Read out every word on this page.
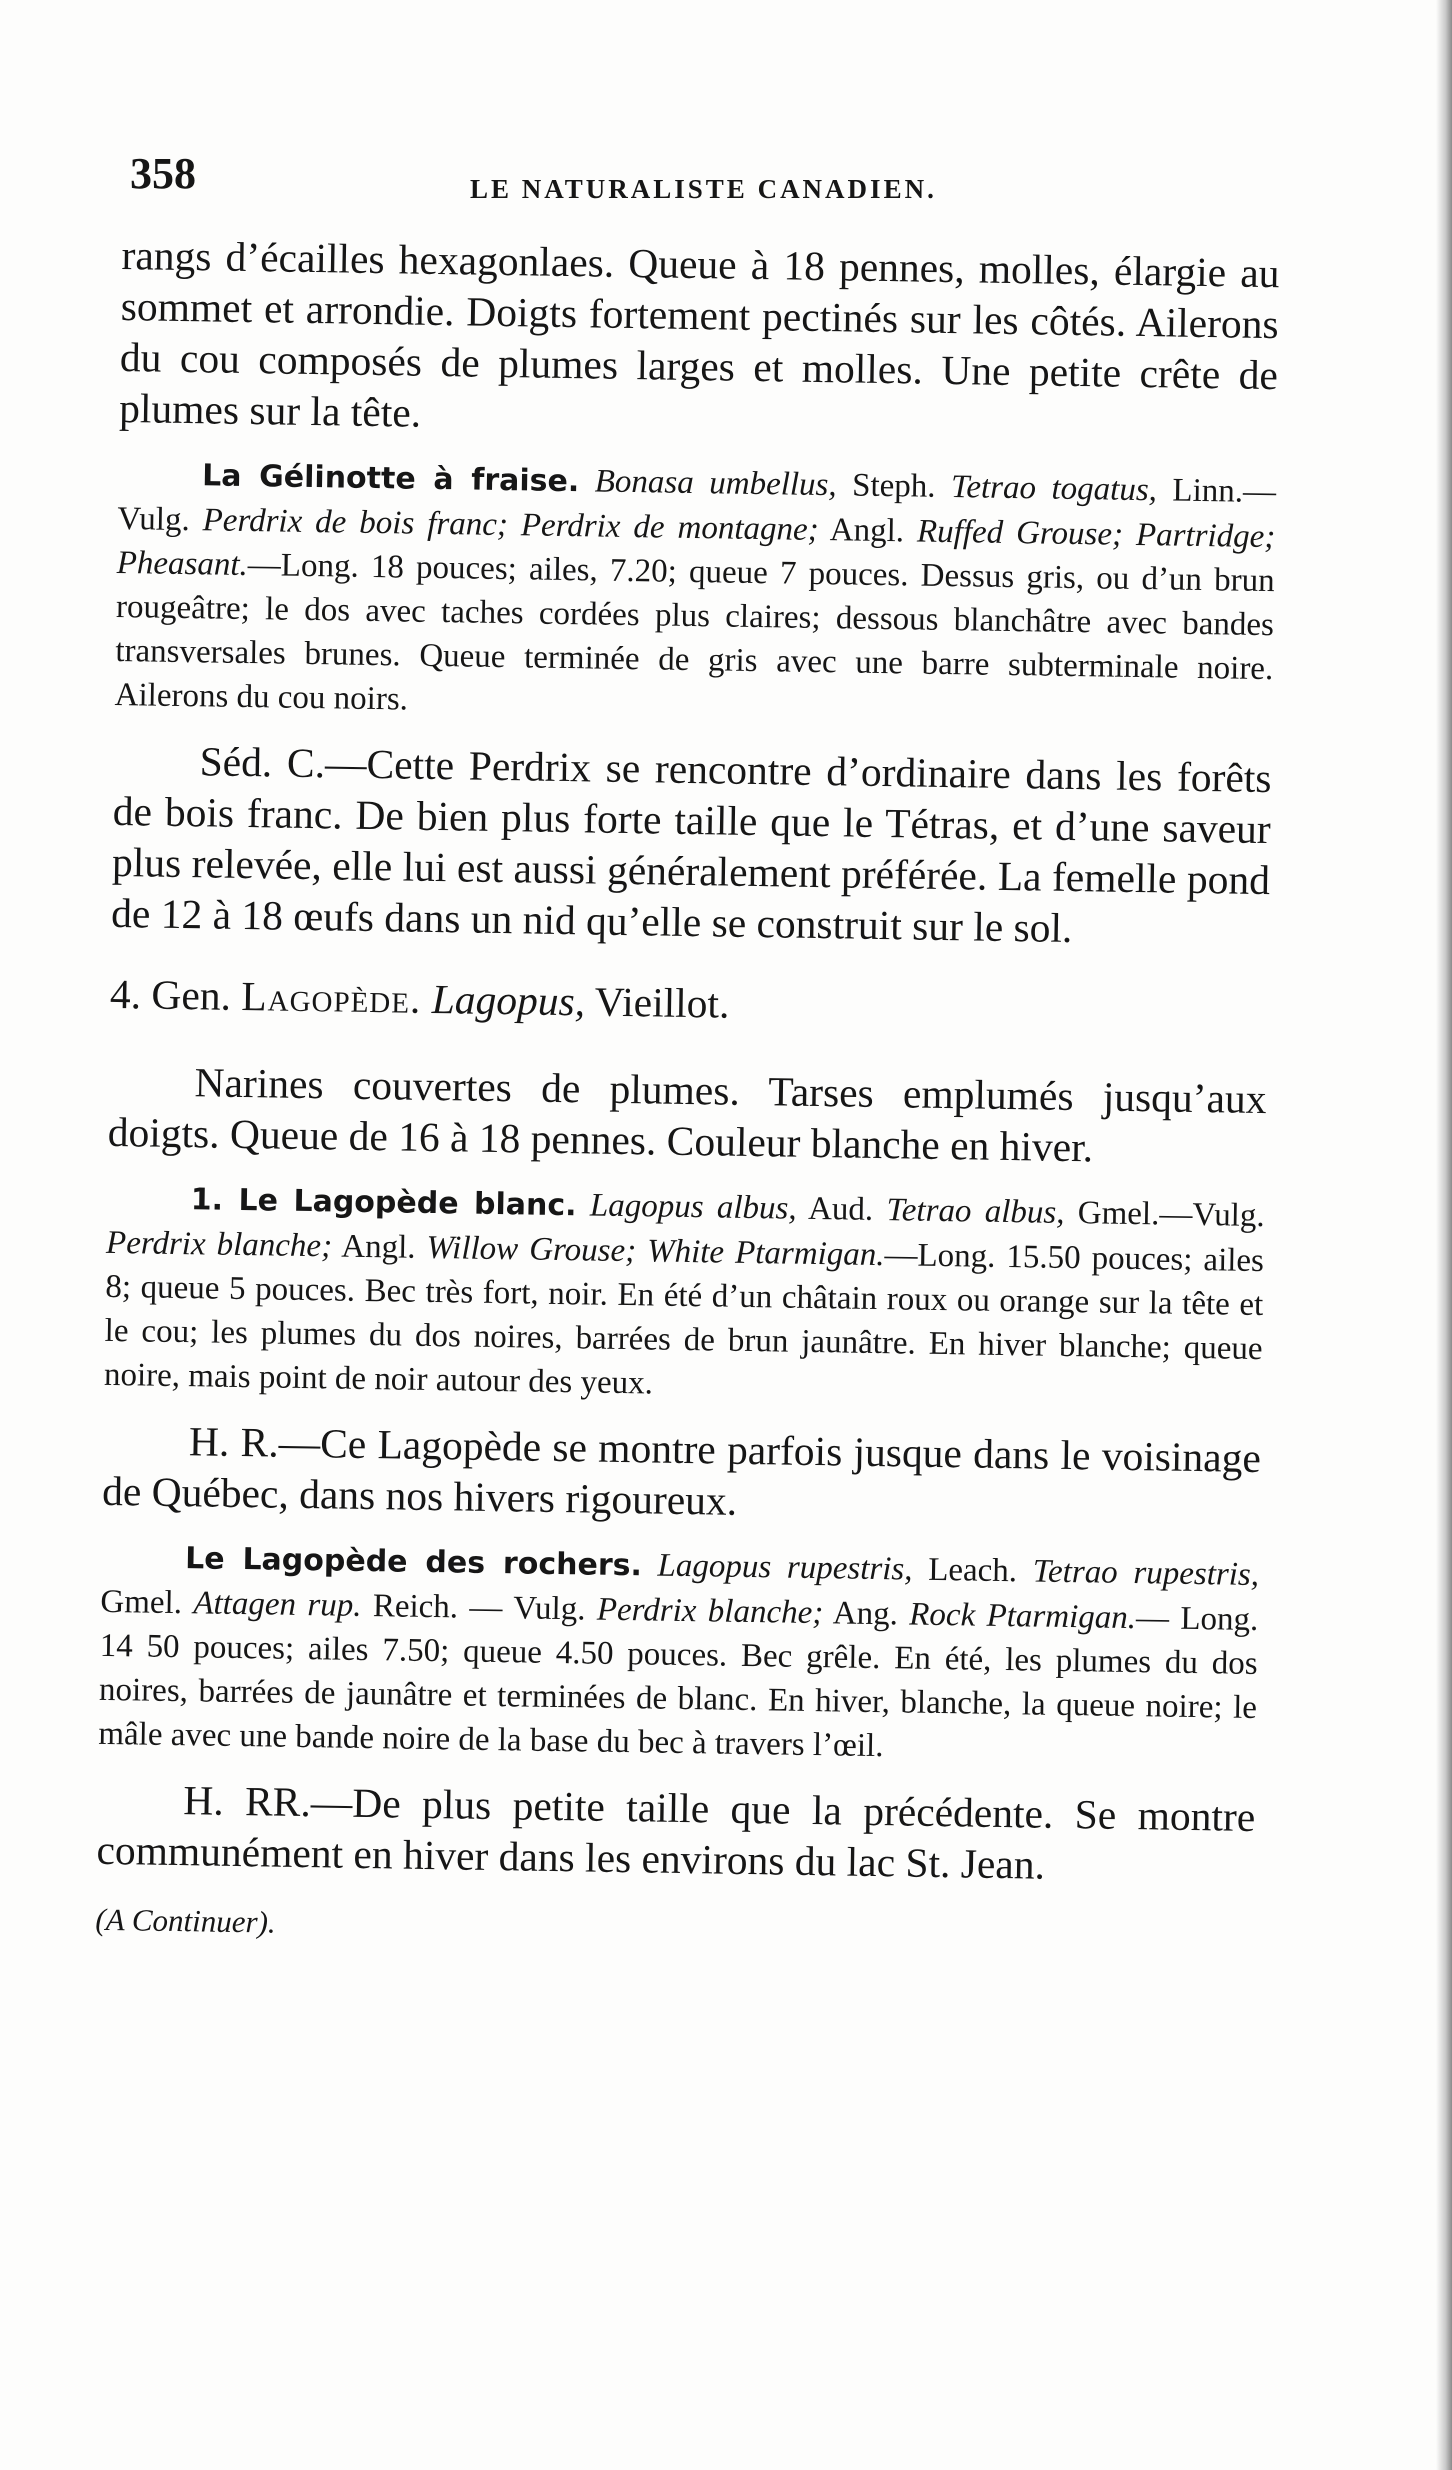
358	LE NATURALISTE CANADIEN.

rangs d’écailles hexagonlaes. Queue à 18 pennes, molles, élargie au sommet et arrondie. Doigts fortement pectinés sur les côtés. Ailerons du cou composés de plumes larges et molles. Une petite crête de plumes sur la tête.

La Gélinotte à fraise. Bonasa umbellus, Steph. Tetrao togatus, Linn.—Vulg. Perdrix de bois franc; Perdrix de montagne; Angl. Ruffed Grouse; Partridge; Pheasant.—Long. 18 pouces; ailes, 7.20; queue 7 pouces. Dessus gris, ou d’un brun rougeâtre; le dos avec taches cordées plus claires; dessous blanchâtre avec bandes transversales brunes. Queue terminée de gris avec une barre subterminale noire. Ailerons du cou noirs.

Séd. C.—Cette Perdrix se rencontre d’ordinaire dans les forêts de bois franc. De bien plus forte taille que le Tétras, et d’une saveur plus relevée, elle lui est aussi généralement préférée. La femelle pond de 12 à 18 œufs dans un nid qu’elle se construit sur le sol.

4. Gen. Lagopède. Lagopus, Vieillot.

Narines couvertes de plumes. Tarses emplumés jusqu’aux doigts. Queue de 16 à 18 pennes. Couleur blanche en hiver.

1. Le Lagopède blanc. Lagopus albus, Aud. Tetrao albus, Gmel.—Vulg. Perdrix blanche; Angl. Willow Grouse; White Ptarmigan.—Long. 15.50 pouces; ailes 8; queue 5 pouces. Bec très fort, noir. En été d’un châtain roux ou orange sur la tête et le cou; les plumes du dos noires, barrées de brun jaunâtre. En hiver blanche; queue noire, mais point de noir autour des yeux.

H. R.—Ce Lagopède se montre parfois jusque dans le voisinage de Québec, dans nos hivers rigoureux.

Le Lagopède des rochers. Lagopus rupestris, Leach. Tetrao rupestris, Gmel. Attagen rup. Reich. — Vulg. Perdrix blanche; Ang. Rock Ptarmigan.— Long. 14 50 pouces; ailes 7.50; queue 4.50 pouces. Bec grêle. En été, les plumes du dos noires, barrées de jaunâtre et terminées de blanc. En hiver, blanche, la queue noire; le mâle avec une bande noire de la base du bec à travers l’œil.

H. RR.—De plus petite taille que la précédente. Se montre communément en hiver dans les environs du lac St. Jean.

(A Continuer).
